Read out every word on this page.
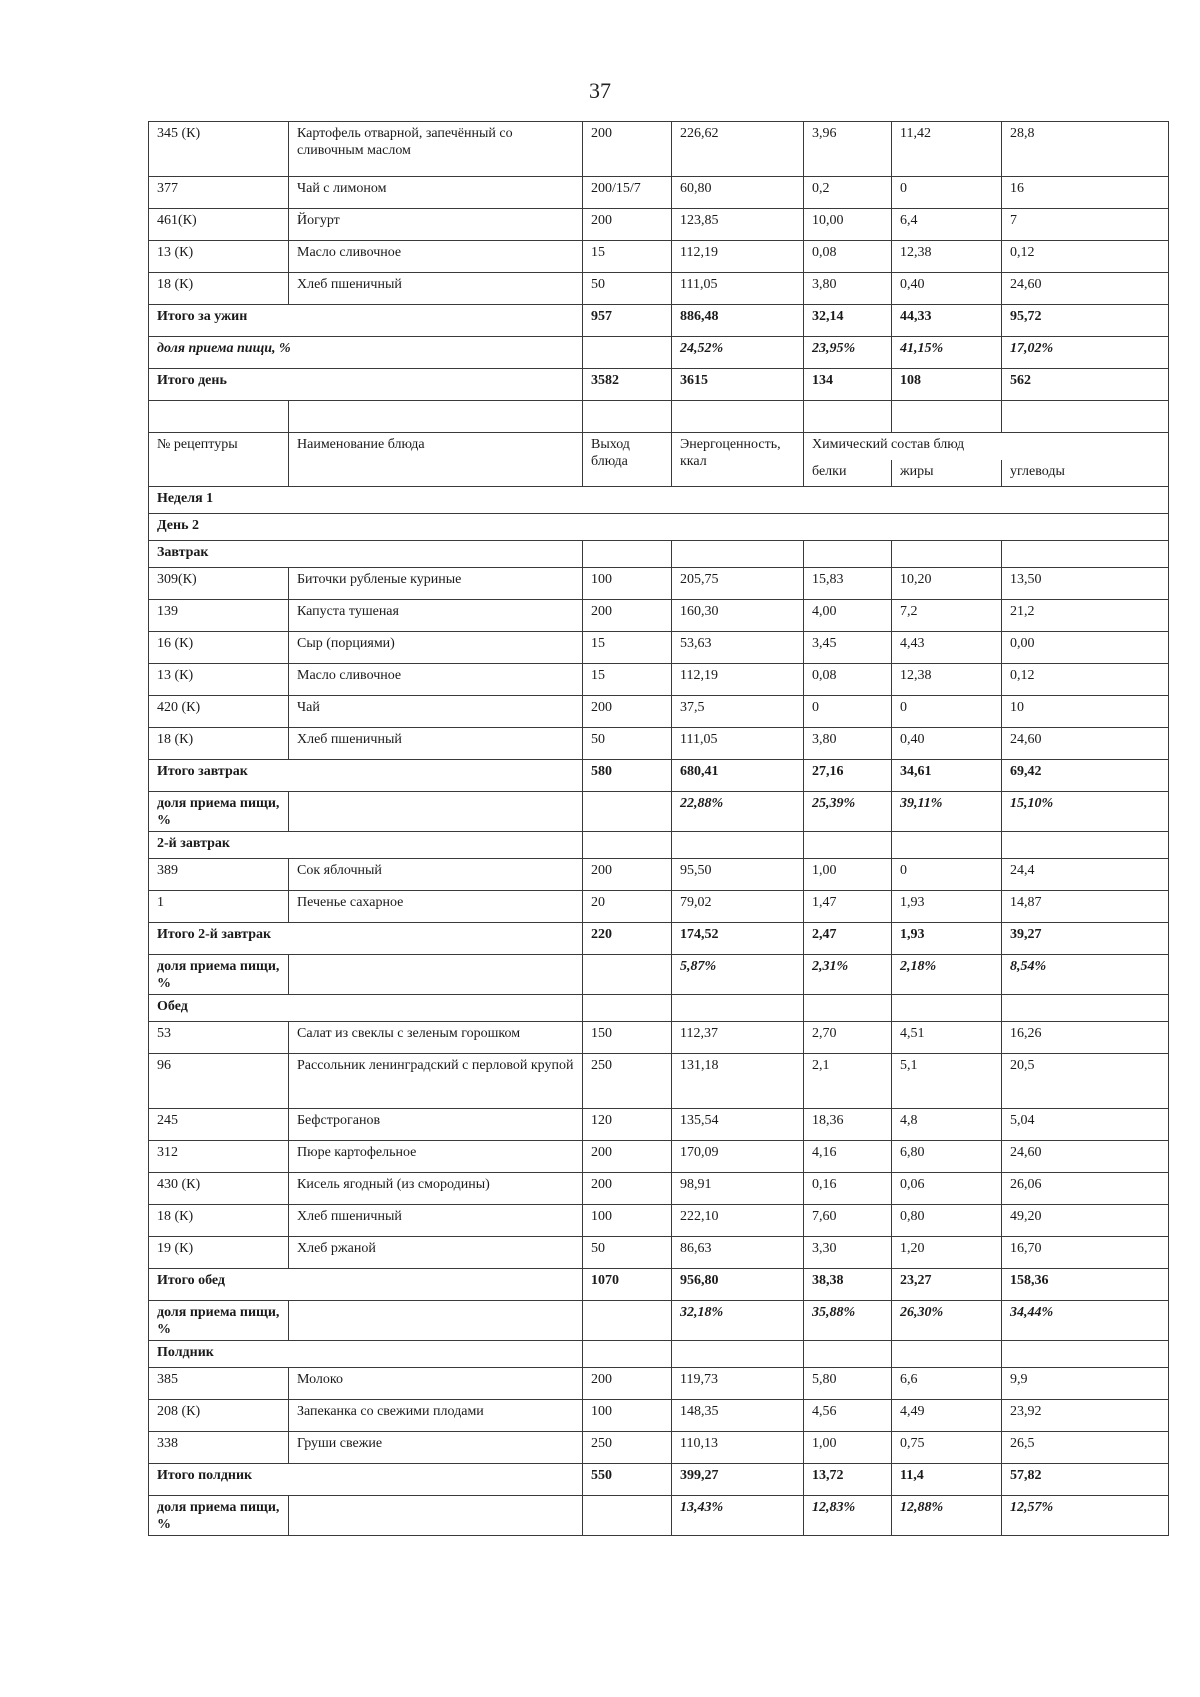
37
345 (К)	Картофель отварной, запечённый со сливочным маслом	200	226,62	3,96	11,42	28,8
377	Чай с лимоном	200/15/7	60,80	0,2	0	16
461(К)	Йогурт	200	123,85	10,00	6,4	7
13 (К)	Масло сливочное	15	112,19	0,08	12,38	0,12
18 (К)	Хлеб пшеничный	50	111,05	3,80	0,40	24,60
Итого за ужин		957	886,48	32,14	44,33	95,72
доля приема пищи, %			24,52%	23,95%	41,15%	17,02%
Итого день		3582	3615	134	108	562

№ рецептуры	Наименование блюда	Выход блюда	Энергоценность, ккал	Химический состав блюд		
				белки	жиры	углеводы
Неделя 1						
День 2						
Завтрак						
309(К)	Биточки рубленые куриные	100	205,75	15,83	10,20	13,50
139	Капуста тушеная	200	160,30	4,00	7,2	21,2
16 (К)	Сыр (порциями)	15	53,63	3,45	4,43	0,00
13 (К)	Масло сливочное	15	112,19	0,08	12,38	0,12
420 (К)	Чай	200	37,5	0	0	10
18 (К)	Хлеб пшеничный	50	111,05	3,80	0,40	24,60
Итого завтрак		580	680,41	27,16	34,61	69,42
доля приема пищи, %			22,88%	25,39%	39,11%	15,10%
2-й завтрак						
389	Сок яблочный	200	95,50	1,00	0	24,4
1	Печенье сахарное	20	79,02	1,47	1,93	14,87
Итого 2-й завтрак		220	174,52	2,47	1,93	39,27
доля приема пищи, %			5,87%	2,31%	2,18%	8,54%
Обед						
53	Салат из свеклы с зеленым горошком	150	112,37	2,70	4,51	16,26
96	Рассольник ленинградский с перловой крупой	250	131,18	2,1	5,1	20,5
245	Бефстроганов	120	135,54	18,36	4,8	5,04
312	Пюре картофельное	200	170,09	4,16	6,80	24,60
430 (К)	Кисель ягодный (из смородины)	200	98,91	0,16	0,06	26,06
18 (К)	Хлеб пшеничный	100	222,10	7,60	0,80	49,20
19 (К)	Хлеб ржаной	50	86,63	3,30	1,20	16,70
Итого обед		1070	956,80	38,38	23,27	158,36
доля приема пищи, %			32,18%	35,88%	26,30%	34,44%
Полдник						
385	Молоко	200	119,73	5,80	6,6	9,9
208 (К)	Запеканка со свежими плодами	100	148,35	4,56	4,49	23,92
338	Груши свежие	250	110,13	1,00	0,75	26,5
Итого полдник		550	399,27	13,72	11,4	57,82
доля приема пищи, %			13,43%	12,83%	12,88%	12,57%
